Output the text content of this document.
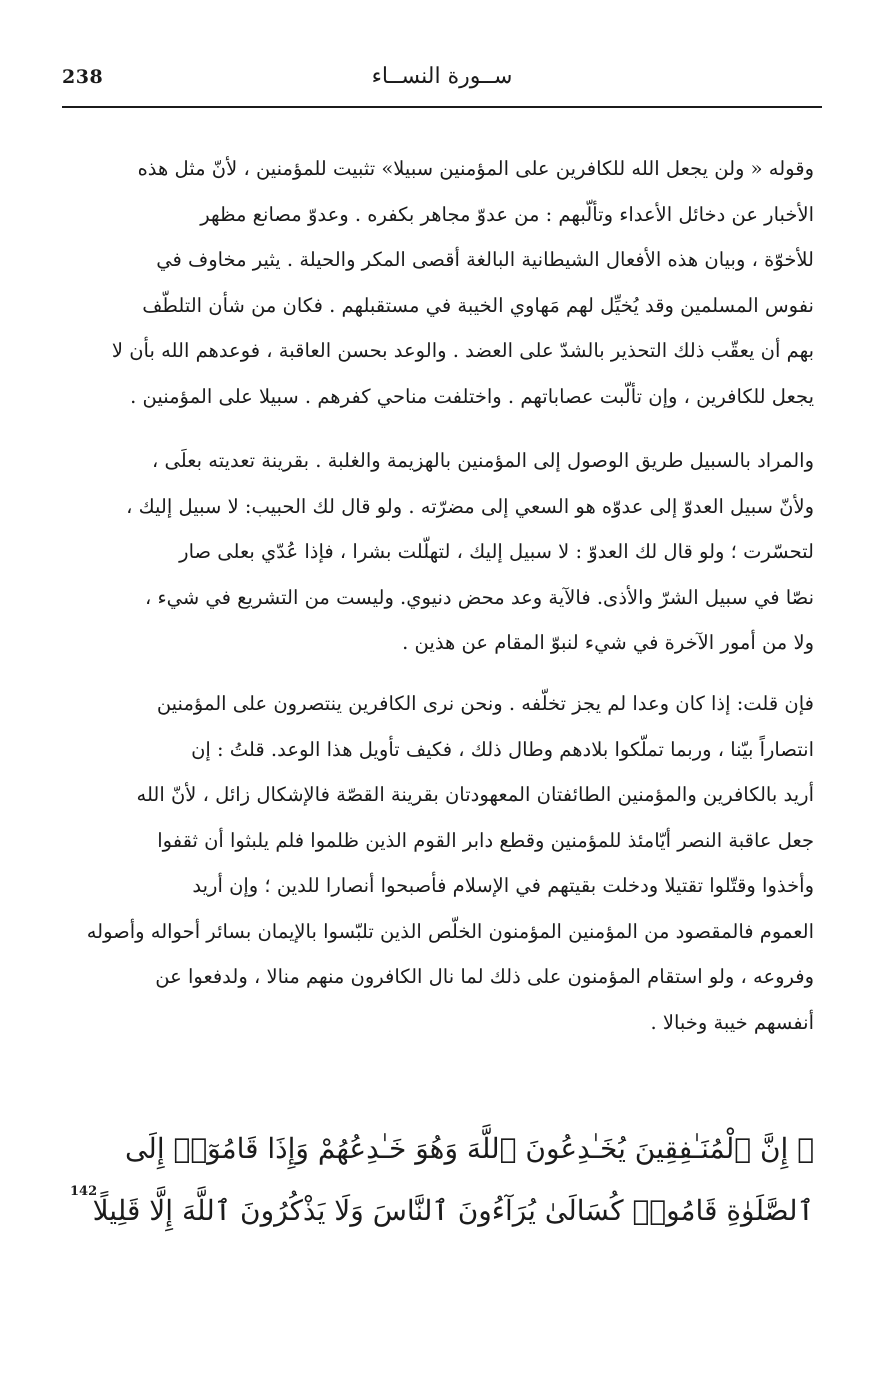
238	ســورة النســاء
وقوله « ولن يجعل الله للكافرين على المؤمنين سبيلا» تثبيت للمؤمنين ، لأنّ مثل هذه
الأخبار عن دخائل الأعداء وتألّبهم : من عدوّ مجاهر بكفره . وعدوّ مصانع مظهر
للأخوّة ، وبيان هذه الأفعال الشيطانية البالغة أقصى المكر والحيلة . يثير مخاوف في
نفوس المسلمين وقد يُخيِّل لهم مَهاوي الخيبة في مستقبلهم . فكان من شأن التلطّف
بهم أن يعقّب ذلك التحذير بالشدّ على العضد . والوعد بحسن العاقبة ، فوعدهم الله بأن لا
يجعل للكافرين ، وإن تألّبت عصاباتهم . واختلفت مناحي كفرهم . سبيلا على المؤمنين .
والمراد بالسبيل طريق الوصول إلى المؤمنين بالهزيمة والغلبة . بقرينة تعديته بعلَى ،
ولأنّ سبيل العدوّ إلى عدوّه هو السعي إلى مضرّته . ولو قال لك الحبيب: لا سبيل إليك ،
لتحسّرت ؛ ولو قال لك العدوّ : لا سبيل إليك ، لتهلّلت بشرا ، فإذا عُدّي بعلى صار
نصّا في سبيل الشرّ والأذى. فالآية وعد محض دنيوي. وليست من التشريع في شيء ،
ولا من أمور الآخرة في شيء لنبوّ المقام عن هذين .
فإن قلت: إذا كان وعدا لم يجز تخلّفه . ونحن نرى الكافرين ينتصرون على المؤمنين
انتصاراً بيّنا ، وربما تملّكوا بلادهم وطال ذلك ، فكيف تأويل هذا الوعد. قلتُ : إن
أريد بالكافرين والمؤمنين الطائفتان المعهودتان بقرينة القصّة فالإشكال زائل ، لأنّ الله
جعل عاقبة النصر أيّامئذ للمؤمنين وقطع دابر القوم الذين ظلموا فلم يلبثوا أن ثقفوا
وأخذوا وقتّلوا تقتيلا ودخلت بقيتهم في الإسلام فأصبحوا أنصارا للدين ؛ وإن أريد
العموم فالمقصود من المؤمنين المؤمنون الخلّص الذين تلبّسوا بالإيمان بسائر أحواله وأصوله
وفروعه ، ولو استقام المؤمنون على ذلك لما نال الكافرون منهم منالا ، ولدفعوا عن
أنفسهم خيبة وخبالا .
﴿ إِنَّ ٱلْمُنَـٰفِقِينَ يُخَـٰدِعُونَ ٱللَّهَ وَهُوَ خَـٰدِعُهُمْ وَإِذَا قَامُوٓا۟ إِلَى
ٱلصَّلَوٰةِ قَامُوا۟ كُسَالَىٰ يُرَآءُونَ ٱلنَّاسَ وَلَا يَذْكُرُونَ ٱللَّهَ إِلَّا قَلِيلًا
142
